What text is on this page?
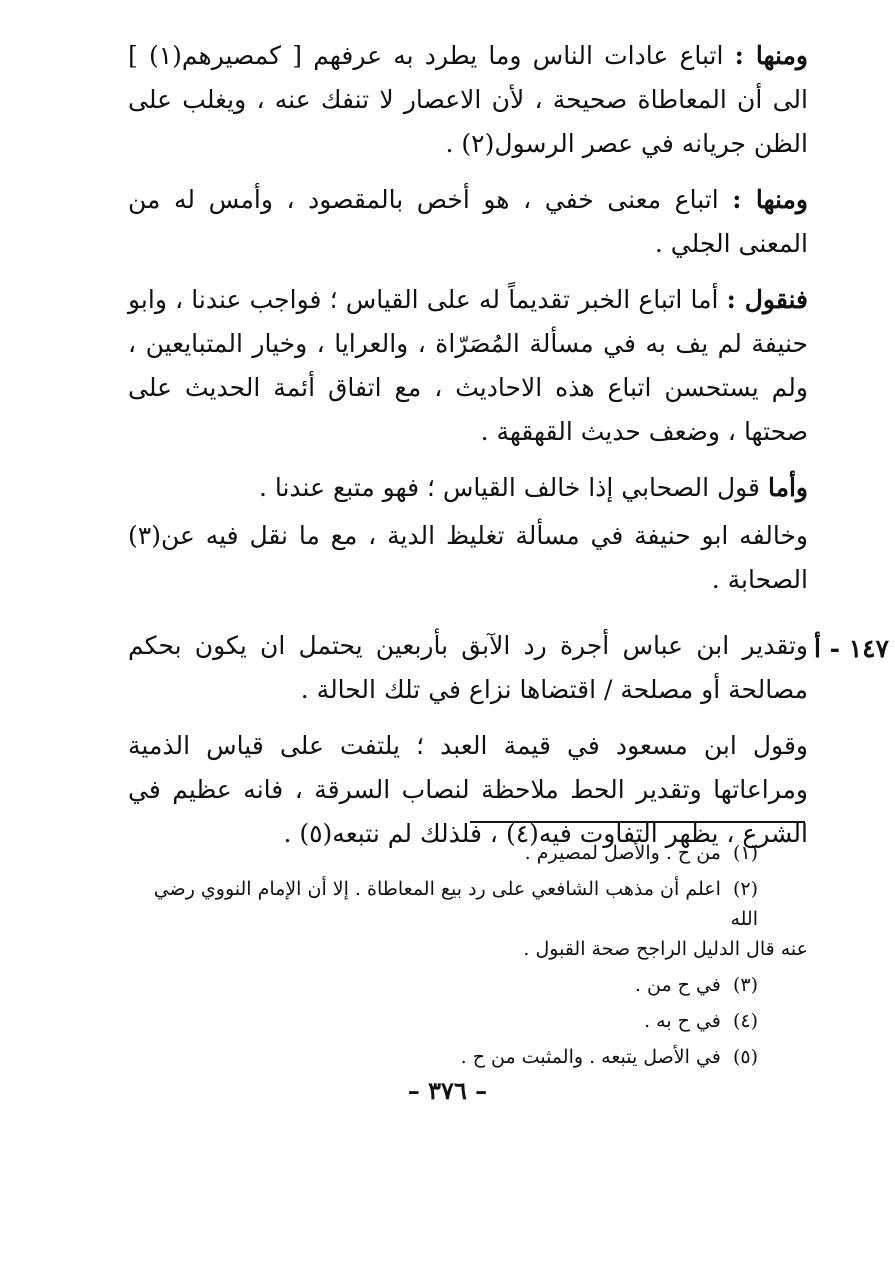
ومنها : اتباع عادات الناس وما يطرد به عرفهم [ كمصيرهم(١) ] الى أن المعاطاة صحيحة ، لأن الاعصار لا تنفك عنه ، ويغلب على الظن جريانه في عصر الرسول(٢) .

ومنها : اتباع معنى خفي ، هو أخص بالمقصود ، وأمس له من المعنى الجلي .

فنقول : أما اتباع الخبر تقديماً له على القياس ؛ فواجب عندنا ، وابو حنيفة لم يف به في مسألة المُصَرّاة ، والعرايا ، وخيار المتبايعين ، ولم يستحسن اتباع هذه الاحاديث ، مع اتفاق أئمة الحديث على صحتها ، وضعف حديث القهقهة .

وأما قول الصحابي إذا خالف القياس ؛ فهو متبع عندنا .

وخالفه ابو حنيفة في مسألة تغليظ الدية ، مع ما نقل فيه عن(٣) الصحابة .

وتقدير ابن عباس أجرة رد الآبق بأربعين يحتمل ان يكون بحكم مصالحة أو مصلحة / اقتضاها نزاع في تلك الحالة .

وقول ابن مسعود في قيمة العبد ؛ يلتفت على قياس الذمية ومراعاتها وتقدير الحط ملاحظة لنصاب السرقة ، فانه عظيم في الشرع ، يظهر التفاوت فيه(٤) ، فلذلك لم نتبعه(٥) .

١٤٧ - أ

(١) من ح . والأصل لمصيرم .

(٢) اعلم أن مذهب الشافعي على رد بيع المعاطاة . إلا أن الإمام النووي رضي الله

عنه قال الدليل الراجح صحة القبول .

(٣) في ح من .

(٤) في ح به .

(٥) في الأصل يتبعه . والمثبت من ح .

– ٣٧٦ –
